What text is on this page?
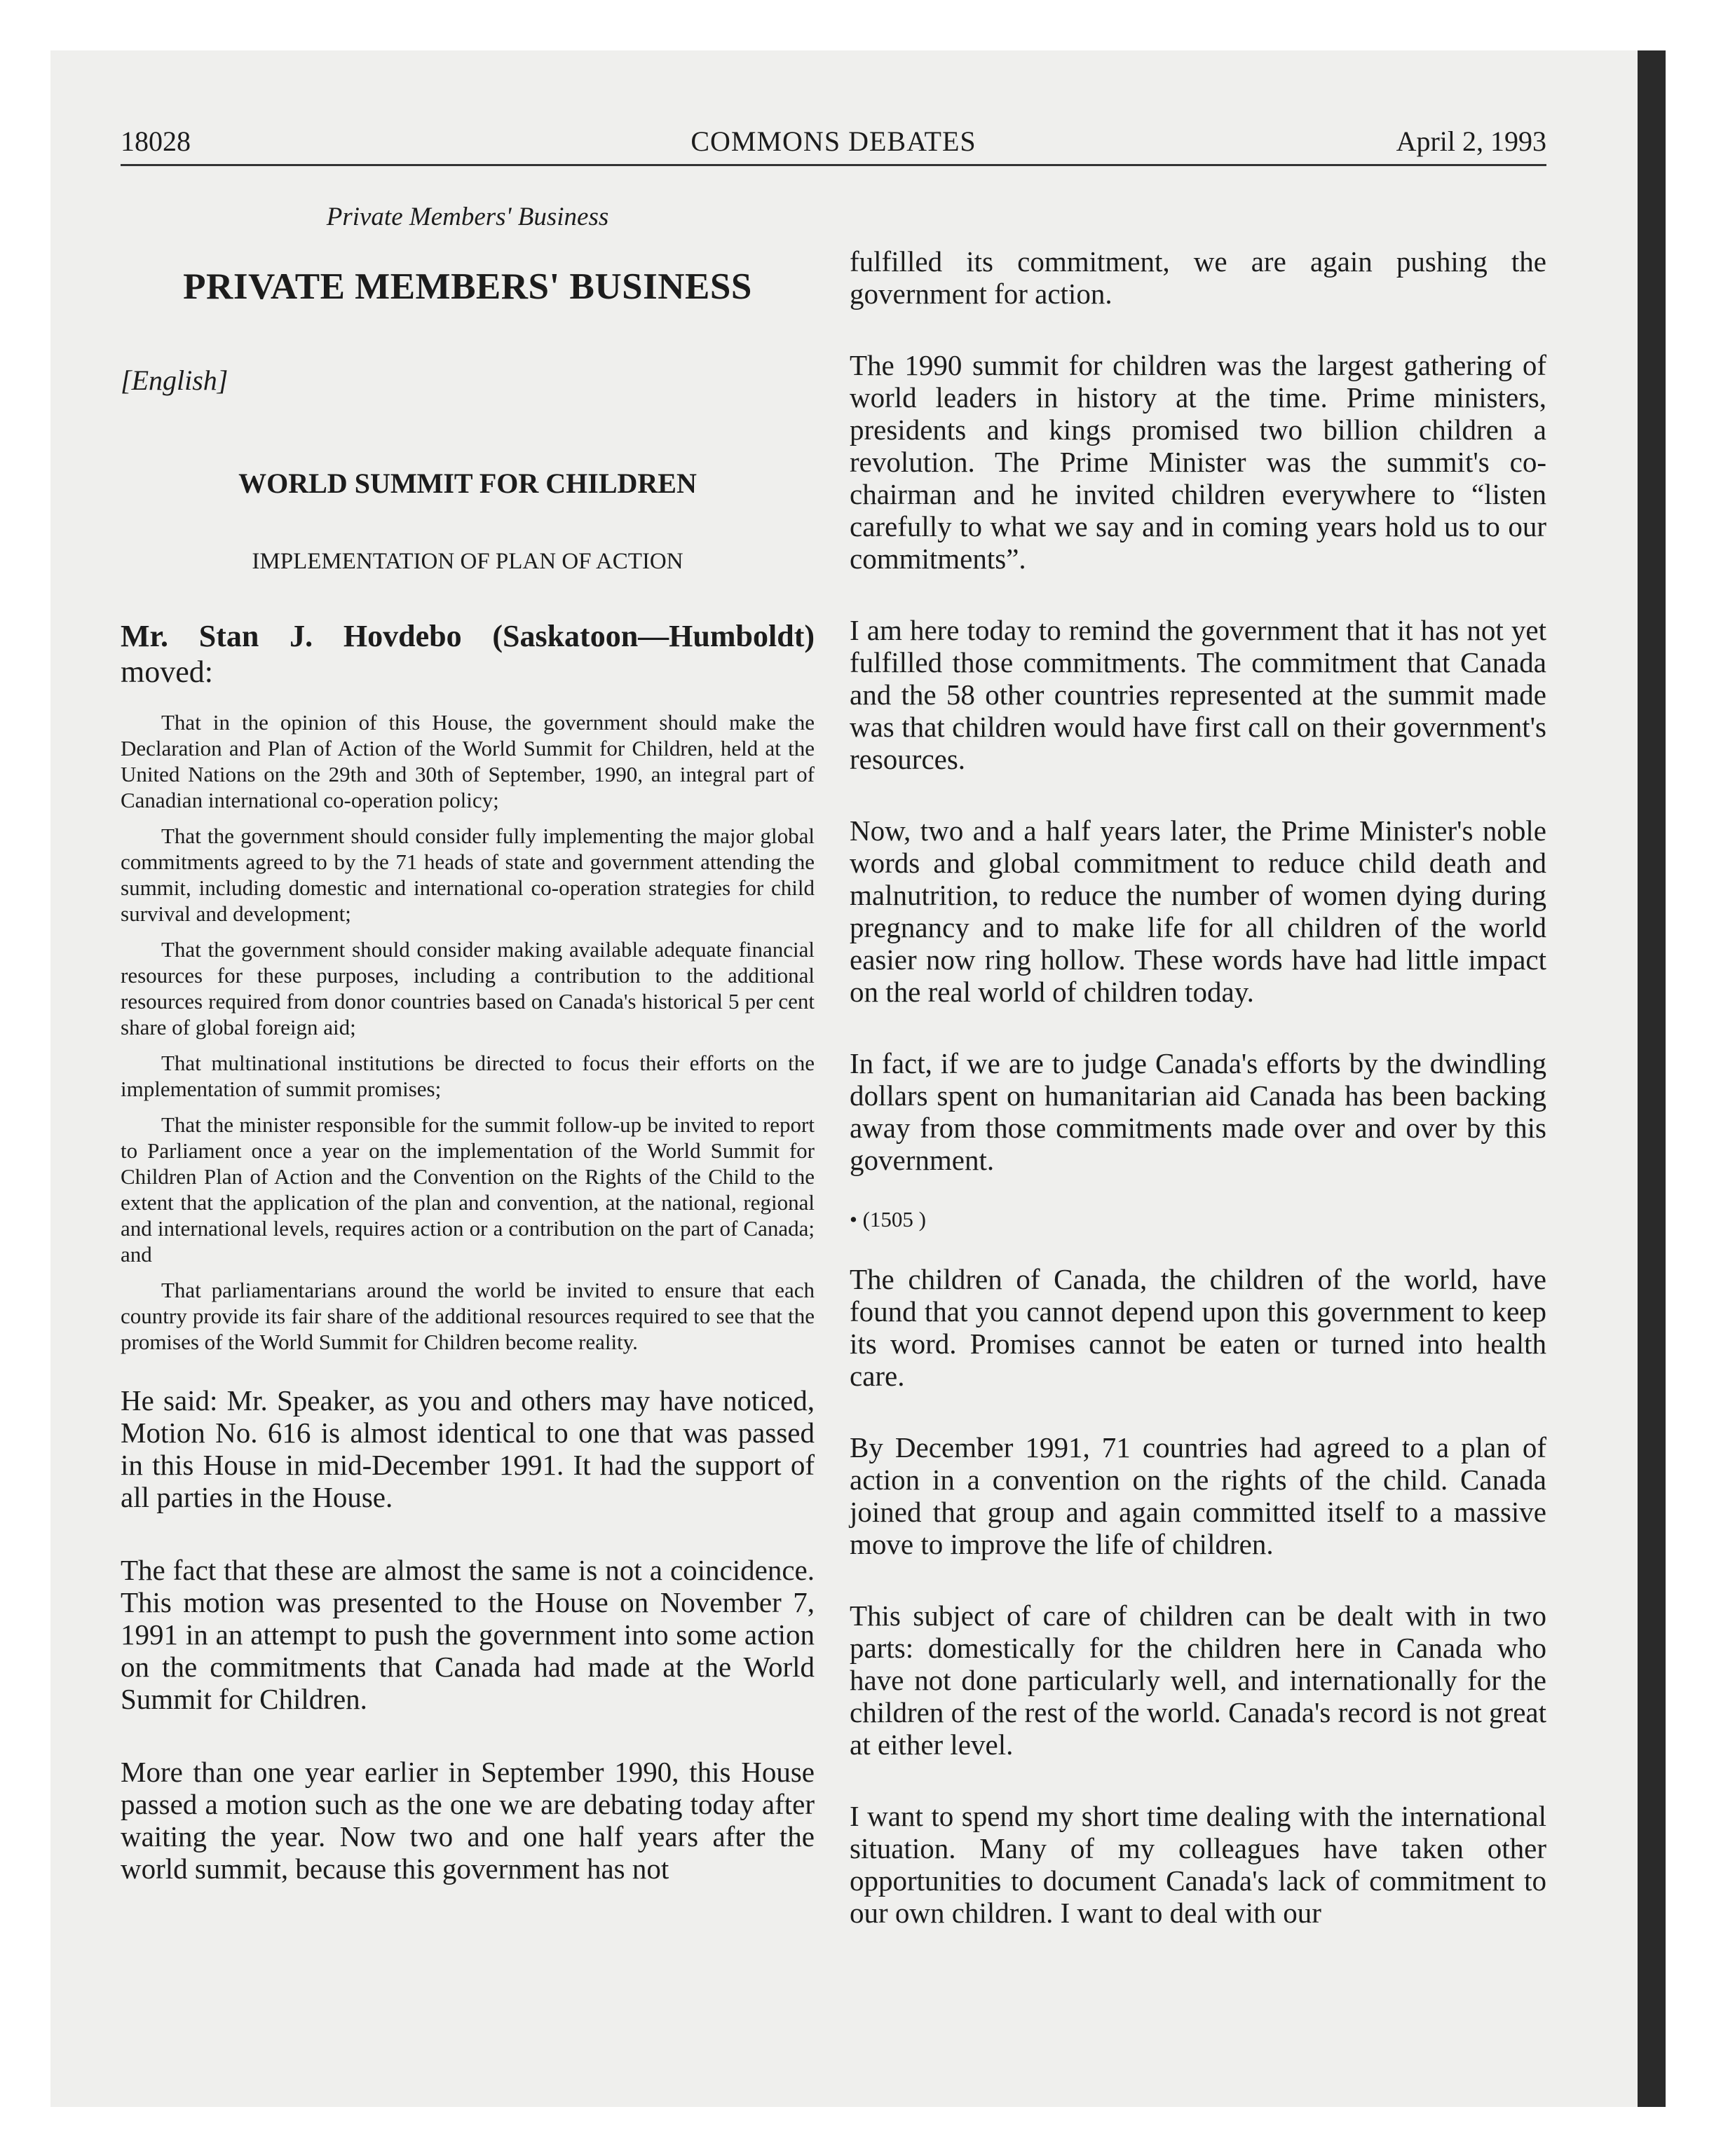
18028	COMMONS DEBATES	April 2, 1993
Private Members' Business
PRIVATE MEMBERS' BUSINESS
[English]
WORLD SUMMIT FOR CHILDREN
IMPLEMENTATION OF PLAN OF ACTION
Mr. Stan J. Hovdebo (Saskatoon—Humboldt) moved:

That in the opinion of this House, the government should make the Declaration and Plan of Action of the World Summit for Children, held at the United Nations on the 29th and 30th of September, 1990, an integral part of Canadian international co-operation policy;

That the government should consider fully implementing the major global commitments agreed to by the 71 heads of state and government attending the summit, including domestic and international co-operation strategies for child survival and development;

That the government should consider making available adequate financial resources for these purposes, including a contribution to the additional resources required from donor countries based on Canada's historical 5 per cent share of global foreign aid;

That multinational institutions be directed to focus their efforts on the implementation of summit promises;

That the minister responsible for the summit follow-up be invited to report to Parliament once a year on the implementation of the World Summit for Children Plan of Action and the Convention on the Rights of the Child to the extent that the application of the plan and convention, at the national, regional and international levels, requires action or a contribution on the part of Canada; and

That parliamentarians around the world be invited to ensure that each country provide its fair share of the additional resources required to see that the promises of the World Summit for Children become reality.

He said: Mr. Speaker, as you and others may have noticed, Motion No. 616 is almost identical to one that was passed in this House in mid-December 1991. It had the support of all parties in the House.

The fact that these are almost the same is not a coincidence. This motion was presented to the House on November 7, 1991 in an attempt to push the government into some action on the commitments that Canada had made at the World Summit for Children.

More than one year earlier in September 1990, this House passed a motion such as the one we are debating today after waiting the year. Now two and one half years after the world summit, because this government has not

fulfilled its commitment, we are again pushing the government for action.

The 1990 summit for children was the largest gathering of world leaders in history at the time. Prime ministers, presidents and kings promised two billion children a revolution. The Prime Minister was the summit's co-chairman and he invited children everywhere to “listen carefully to what we say and in coming years hold us to our commitments”.

I am here today to remind the government that it has not yet fulfilled those commitments. The commitment that Canada and the 58 other countries represented at the summit made was that children would have first call on their government's resources.

Now, two and a half years later, the Prime Minister's noble words and global commitment to reduce child death and malnutrition, to reduce the number of women dying during pregnancy and to make life for all children of the world easier now ring hollow. These words have had little impact on the real world of children today.

In fact, if we are to judge Canada's efforts by the dwindling dollars spent on humanitarian aid Canada has been backing away from those commitments made over and over by this government.

• (1505 )

The children of Canada, the children of the world, have found that you cannot depend upon this government to keep its word. Promises cannot be eaten or turned into health care.

By December 1991, 71 countries had agreed to a plan of action in a convention on the rights of the child. Canada joined that group and again committed itself to a massive move to improve the life of children.

This subject of care of children can be dealt with in two parts: domestically for the children here in Canada who have not done particularly well, and internationally for the children of the rest of the world. Canada's record is not great at either level.

I want to spend my short time dealing with the international situation. Many of my colleagues have taken other opportunities to document Canada's lack of commitment to our own children. I want to deal with our
